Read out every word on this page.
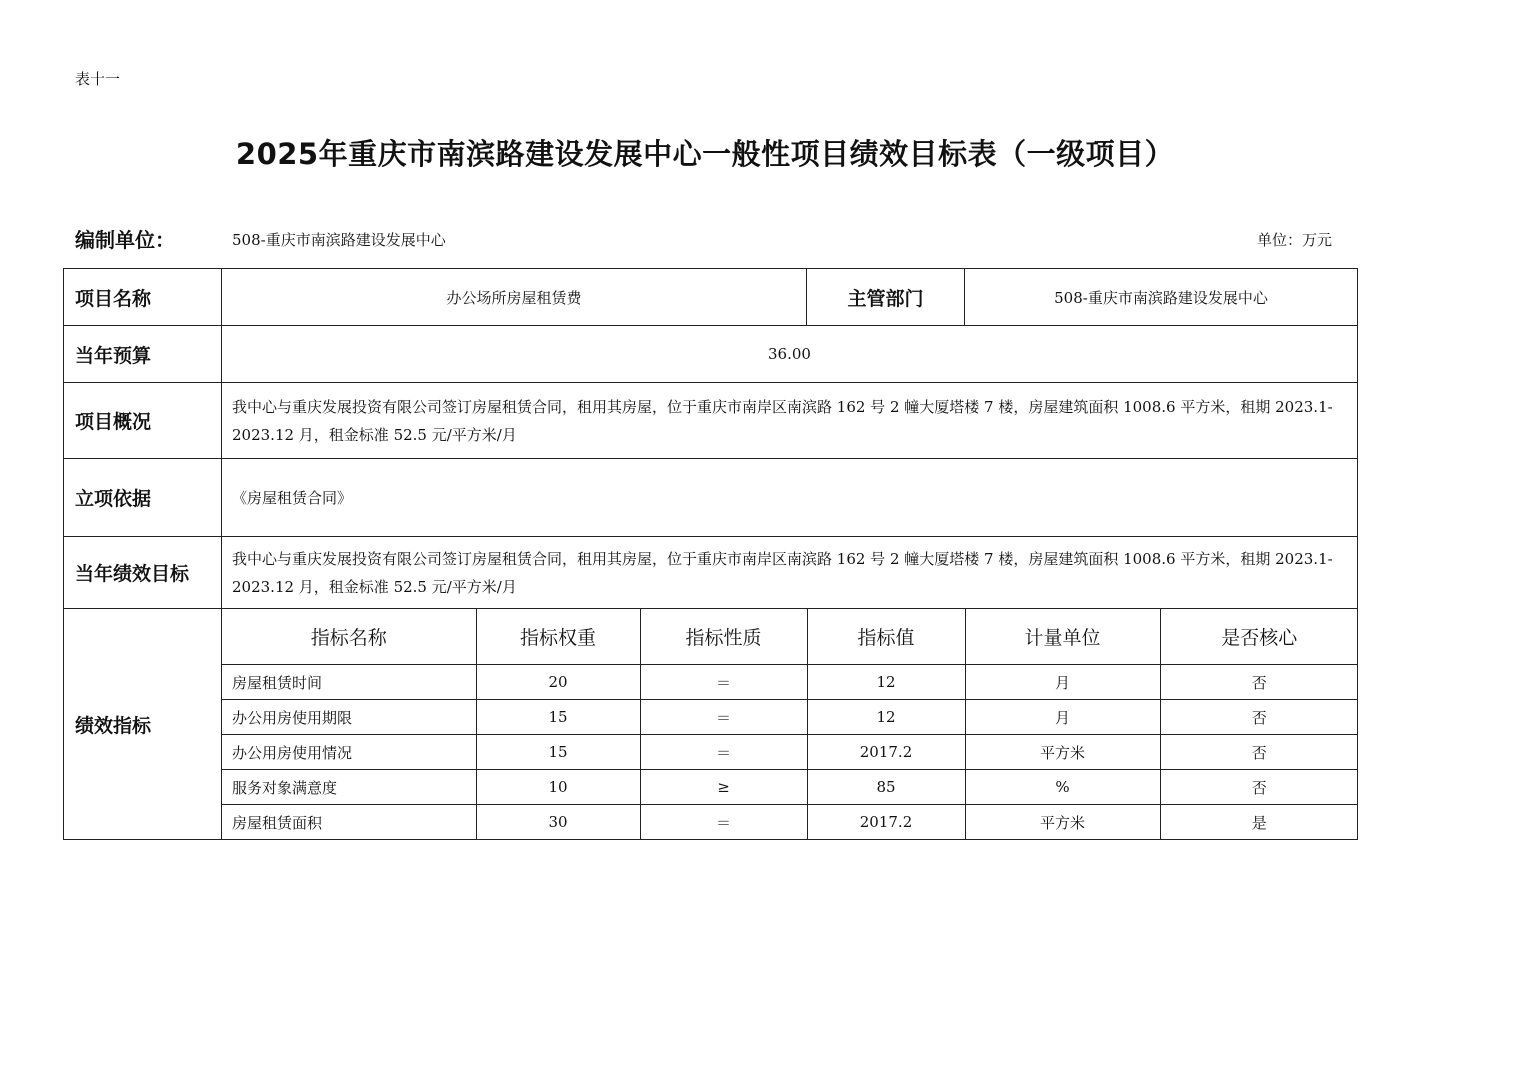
表十一
2025年重庆市南滨路建设发展中心一般性项目绩效目标表（一级项目）
编制单位：	508-重庆市南滨路建设发展中心	单位：万元
项目名称	办公场所房屋租赁费	主管部门	508-重庆市南滨路建设发展中心
当年预算	36.00
项目概况	我中心与重庆发展投资有限公司签订房屋租赁合同，租用其房屋，位于重庆市南岸区南滨路 162 号 2 幢大厦塔楼 7 楼，房屋建筑面积 1008.6 平方米，租期 2023.1-2023.12 月，租金标准 52.5 元/平方米/月
立项依据	《房屋租赁合同》
当年绩效目标	我中心与重庆发展投资有限公司签订房屋租赁合同，租用其房屋，位于重庆市南岸区南滨路 162 号 2 幢大厦塔楼 7 楼，房屋建筑面积 1008.6 平方米，租期 2023.1-2023.12 月，租金标准 52.5 元/平方米/月
绩效指标	
指标名称	指标权重	指标性质	指标值	计量单位	是否核心
房屋租赁时间	20	＝	12	月	否
办公用房使用期限	15	＝	12	月	否
办公用房使用情况	15	＝	2017.2	平方米	否
服务对象满意度	10	≥	85	%	否
房屋租赁面积	30	＝	2017.2	平方米	是
